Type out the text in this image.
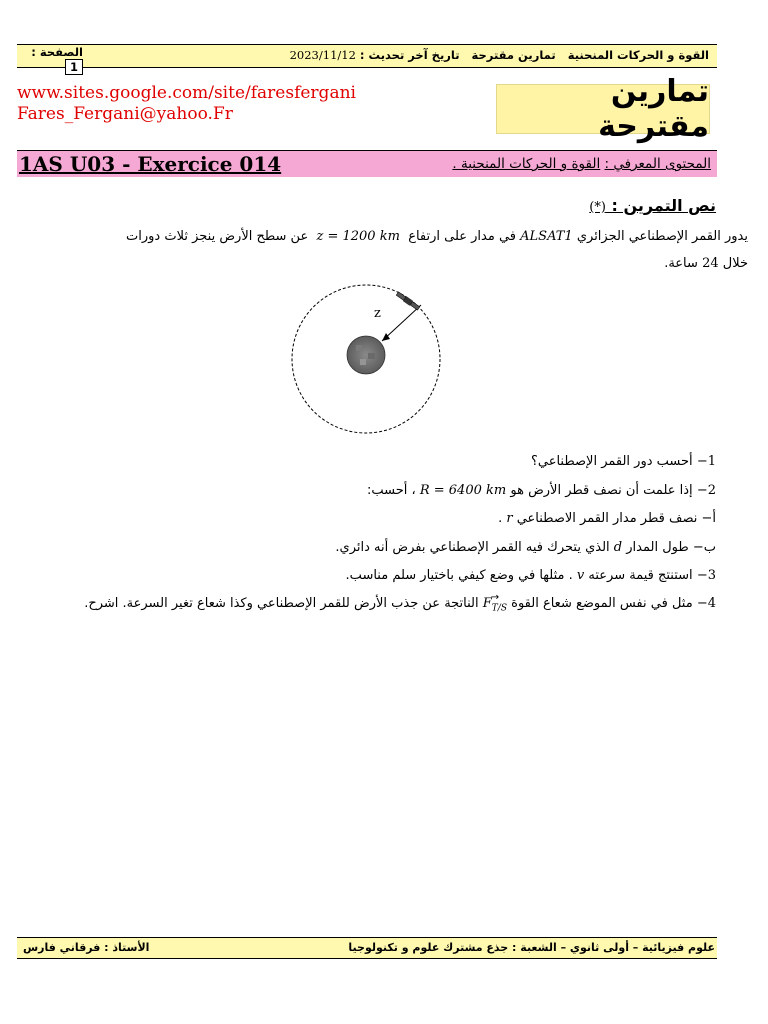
القوة و الحركات المنحنية   تمارين مقترحة   تاريخ آخر تحديث : 2023/11/12
الصفحة : 1
www.sites.google.com/site/faresfergani
Fares_Fergani@yahoo.Fr
تمارين مقترحة
1AS U03 - Exercice 014	المحتوى المعرفي : القوة و الحركات المنحنية .
نص التمرين : (*)
يدور القمر الإصطناعي الجزائري ALSAT1 في مدار على ارتفاع  z = 1200 km  عن سطح الأرض ينجز ثلاث دورات
خلال 24 ساعة.
z
1− أحسب دور القمر الإصطناعي؟
2− إذا علمت أن نصف قطر الأرض هو R = 6400 km ، أحسب:
أ− نصف قطر مدار القمر الاصطناعي r .
ب− طول المدار d الذي يتحرك فيه القمر الإصطناعي بفرض أنه دائري.
3− استنتج قيمة سرعته v . مثلها في وضع كيفي باختيار سلم مناسب.
4− مثل في نفس الموضع شعاع القوة
→
$F_{T/S}$ الناتجة عن جذب الأرض للقمر الإصطناعي وكذا شعاع تغير السرعة. اشرح.
علوم فيزيائية – أولى ثانوي – الشعبة : جذع مشترك علوم و تكنولوجيا
الأستاذ : فرقاني فارس
